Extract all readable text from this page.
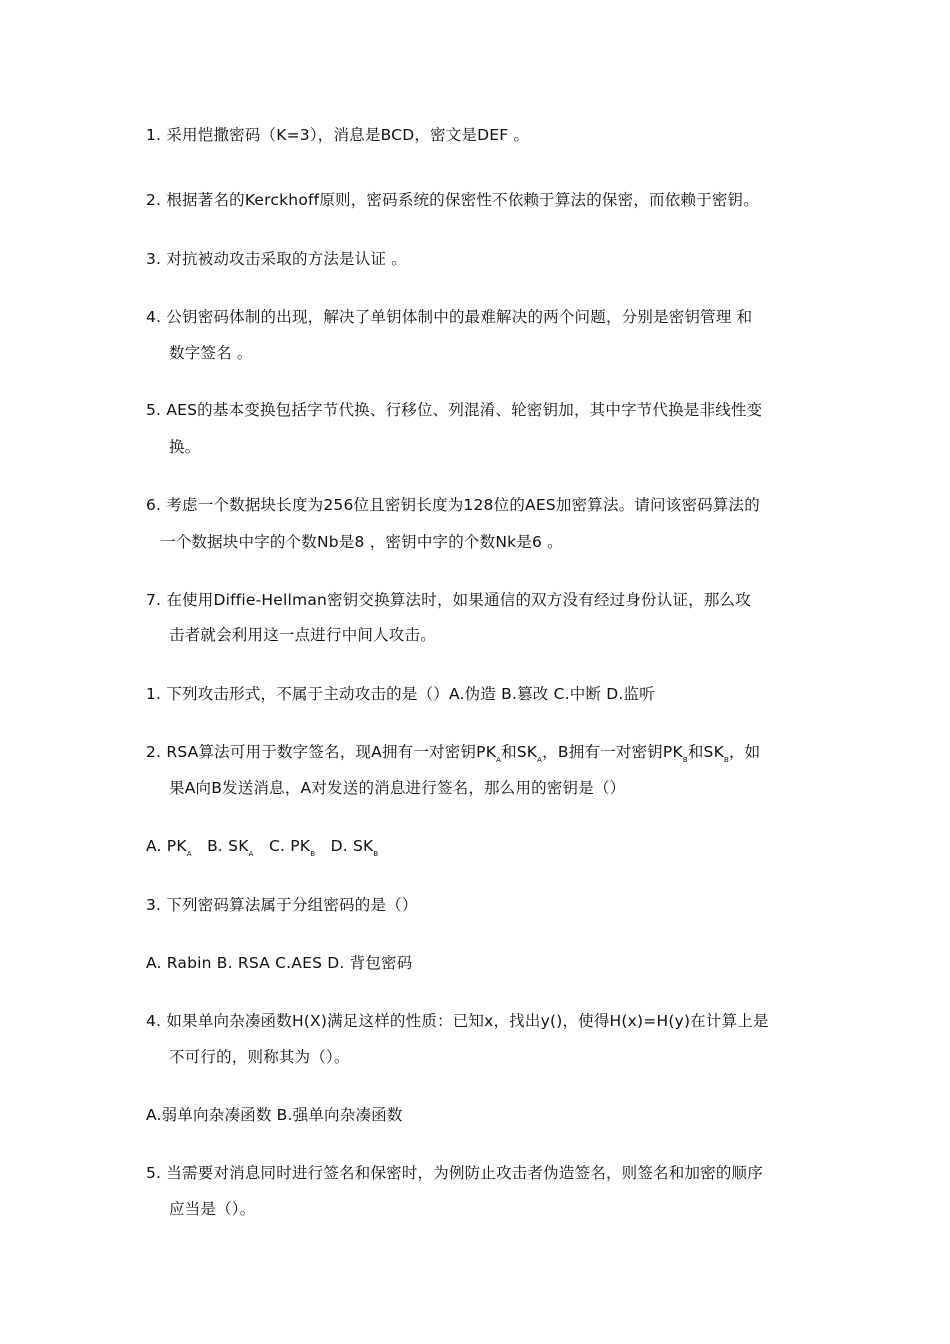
1. 采用恺撒密码（K=3），消息是BCD，密文是DEF 。
2. 根据著名的Kerckhoff原则，密码系统的保密性不依赖于算法的保密，而依赖于密钥。
3. 对抗被动攻击采取的方法是认证 。
4. 公钥密码体制的出现，解决了单钥体制中的最难解决的两个问题，分别是密钥管理 和
数字签名 。
5. AES的基本变换包括字节代换、行移位、列混淆、轮密钥加，其中字节代换是非线性变
换。
6. 考虑一个数据块长度为256位且密钥长度为128位的AES加密算法。请问该密码算法的
一个数据块中字的个数Nb是8 ，密钥中字的个数Nk是6 。
7. 在使用Diffie-Hellman密钥交换算法时，如果通信的双方没有经过身份认证，那么攻
击者就会利用这一点进行中间人攻击。
1. 下列攻击形式，不属于主动攻击的是（）A.伪造 B.篡改 C.中断 D.监听
2. RSA算法可用于数字签名，现A拥有一对密钥$PK_A$和$SK_A$，B拥有一对密钥$PK_B$和$SK_B$，如
果A向B发送消息，A对发送的消息进行签名，那么用的密钥是（）
A. $PK_A$ B. $SK_A$ C. $PK_B$ D. $SK_B$
3. 下列密码算法属于分组密码的是（）
A. Rabin B. RSA C.AES D. 背包密码
4. 如果单向杂凑函数H(X)满足这样的性质：已知x，找出y()，使得H(x)=H(y)在计算上是
不可行的，则称其为（）。
A.弱单向杂凑函数 B.强单向杂凑函数
5. 当需要对消息同时进行签名和保密时，为例防止攻击者伪造签名，则签名和加密的顺序
应当是（）。
